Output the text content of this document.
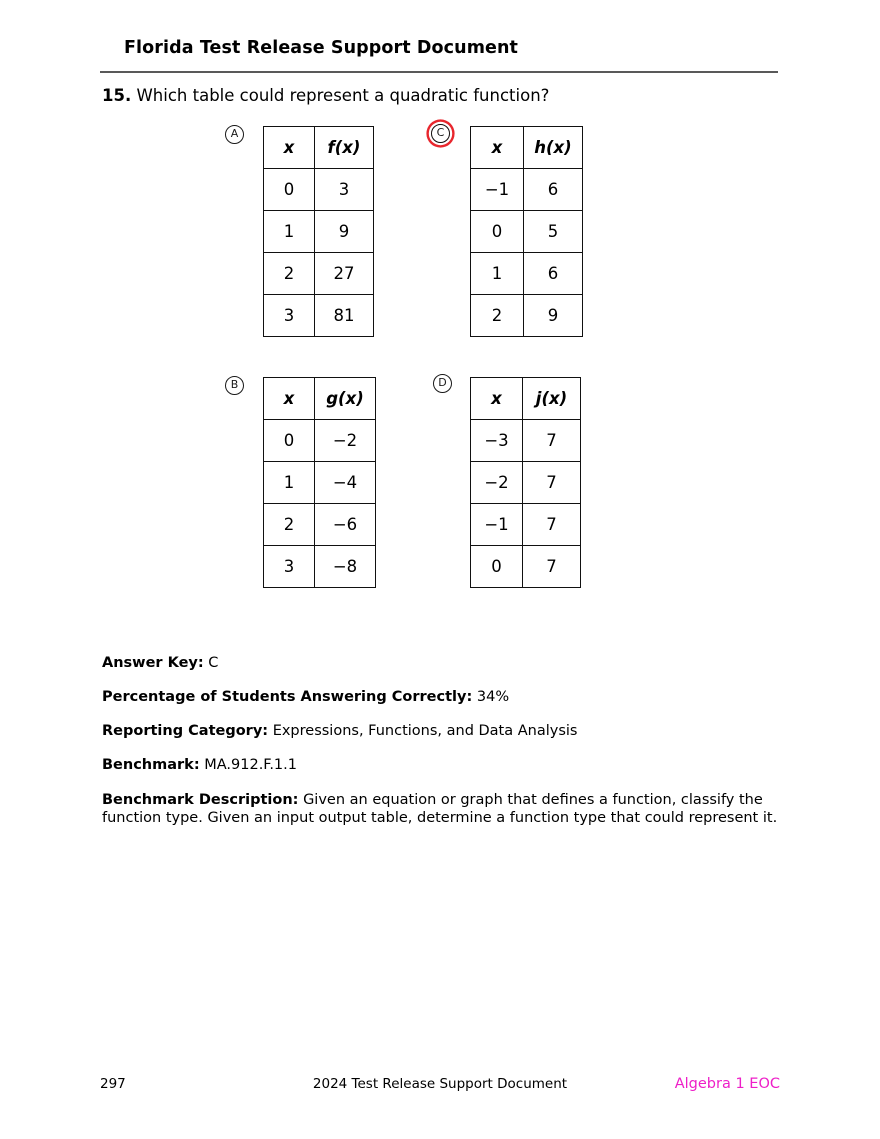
Florida Test Release Support Document
15. Which table could represent a quadratic function?
A
x	f(x)
0	3
1	9
2	27
3	81
C
x	h(x)
−1	6
0	5
1	6
2	9
B
x	g(x)
0	−2
1	−4
2	−6
3	−8
D
x	j(x)
−3	7
−2	7
−1	7
0	7
Answer Key: C
Percentage of Students Answering Correctly: 34%
Reporting Category: Expressions, Functions, and Data Analysis
Benchmark: MA.912.F.1.1
Benchmark Description: Given an equation or graph that defines a function, classify the function type. Given an input output table, determine a function type that could represent it.
297	2024 Test Release Support Document	Algebra 1 EOC
